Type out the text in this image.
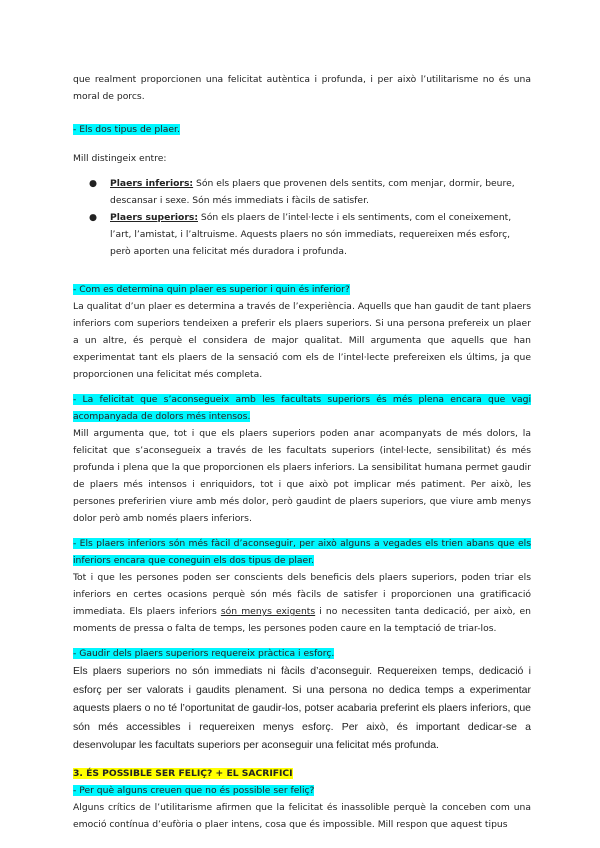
que realment proporcionen una felicitat autèntica i profunda, i per això l’utilitarisme no és una moral de porcs.

- Els dos tipus de plaer.

Mill distingeix entre:

● Plaers inferiors: Són els plaers que provenen dels sentits, com menjar, dormir, beure, descansar i sexe. Són més immediats i fàcils de satisfer.
● Plaers superiors: Són els plaers de l’intel·lecte i els sentiments, com el coneixement, l’art, l’amistat, i l’altruisme. Aquests plaers no són immediats, requereixen més esforç, però aporten una felicitat més duradora i profunda.

- Com es determina quin plaer es superior i quin és inferior?

La qualitat d’un plaer es determina a través de l’experiència. Aquells que han gaudit de tant plaers inferiors com superiors tendeixen a preferir els plaers superiors. Si una persona prefereix un plaer a un altre, és perquè el considera de major qualitat. Mill argumenta que aquells que han experimentat tant els plaers de la sensació com els de l’intel·lecte prefereixen els últims, ja que proporcionen una felicitat més completa.

- La felicitat que s’aconsegueix amb les facultats superiors és més plena encara que vagi acompanyada de dolors més intensos.

Mill argumenta que, tot i que els plaers superiors poden anar acompanyats de més dolors, la felicitat que s’aconsegueix a través de les facultats superiors (intel·lecte, sensibilitat) és més profunda i plena que la que proporcionen els plaers inferiors. La sensibilitat humana permet gaudir de plaers més intensos i enriquidors, tot i que això pot implicar més patiment. Per això, les persones preferirien viure amb més dolor, però gaudint de plaers superiors, que viure amb menys dolor però amb només plaers inferiors.

- Els plaers inferiors són més fàcil d’aconseguir, per això alguns a vegades els trien abans que els inferiors encara que coneguin els dos tipus de plaer.

Tot i que les persones poden ser conscients dels beneficis dels plaers superiors, poden triar els inferiors en certes ocasions perquè són més fàcils de satisfer i proporcionen una gratificació immediata. Els plaers inferiors són menys exigents i no necessiten tanta dedicació, per això, en moments de pressa o falta de temps, les persones poden caure en la temptació de triar-los.

- Gaudir dels plaers superiors requereix pràctica i esforç.

Els plaers superiors no són immediats ni fàcils d’aconseguir. Requereixen temps, dedicació i esforç per ser valorats i gaudits plenament. Si una persona no dedica temps a experimentar aquests plaers o no té l’oportunitat de gaudir-los, potser acabaria preferint els plaers inferiors, que són més accessibles i requereixen menys esforç. Per això, és important dedicar-se a desenvolupar les facultats superiors per aconseguir una felicitat més profunda.

3. ÉS POSSIBLE SER FELIÇ? + EL SACRIFICI

- Per què alguns creuen que no és possible ser feliç?

Alguns crítics de l’utilitarisme afirmen que la felicitat és inassolible perquè la conceben com una emoció contínua d’eufòria o plaer intens, cosa que és impossible. Mill respon que aquest tipus
